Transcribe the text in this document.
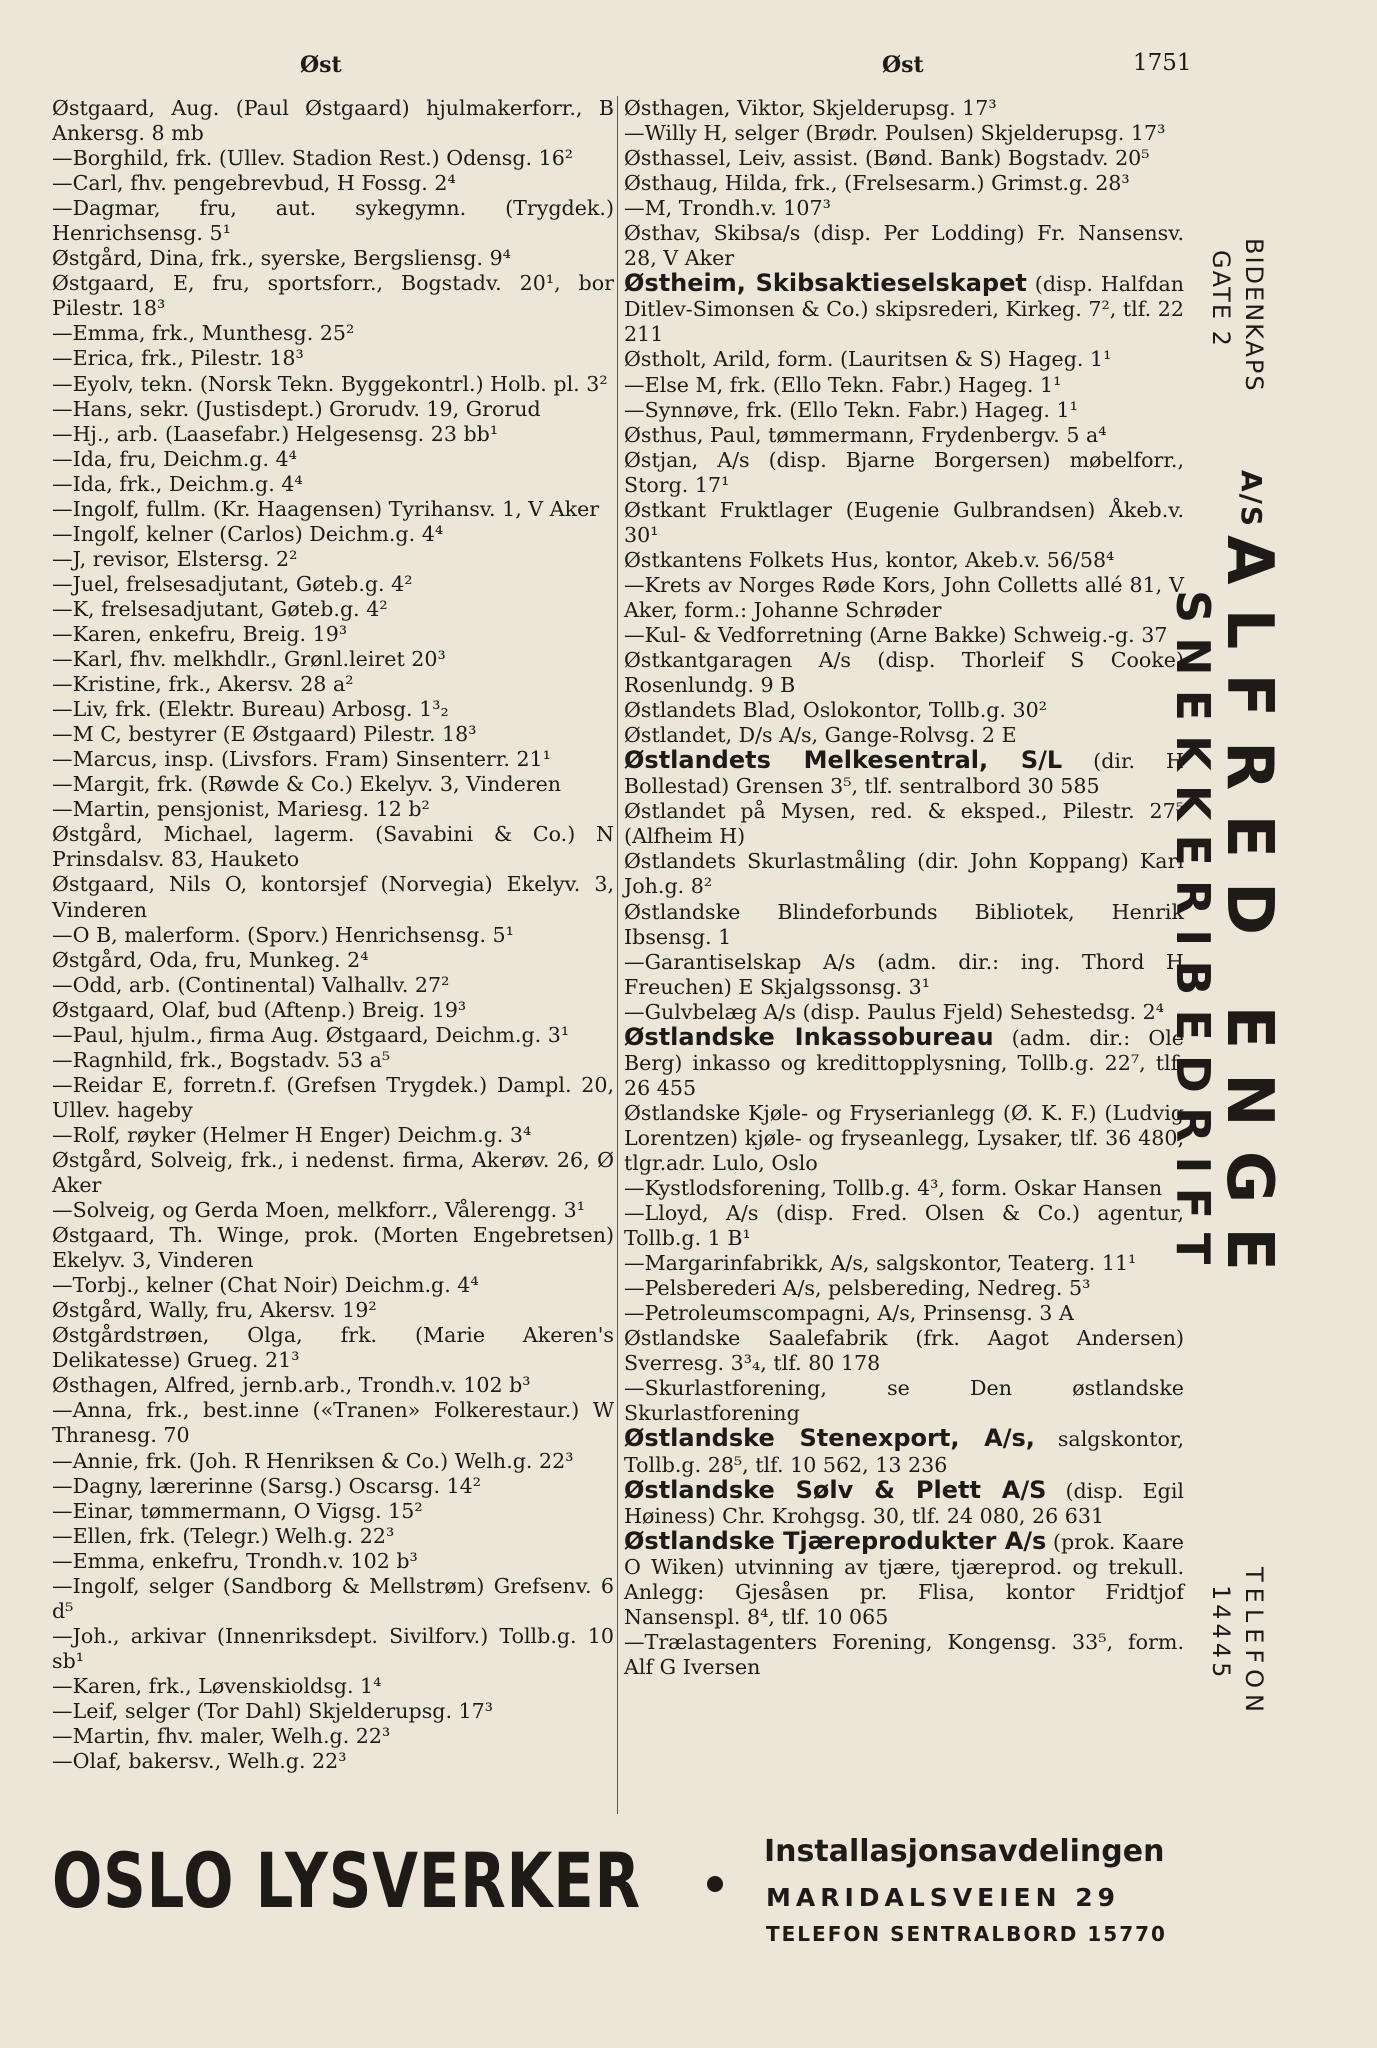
Øst	Øst	1751

Østgaard, Aug. (Paul Østgaard) hjulmakerforr., B Ankersg. 8 mb

—Borghild, frk. (Ullev. Stadion Rest.) Odensg. 16²

—Carl, fhv. pengebrevbud, H Fossg. 2⁴

—Dagmar, fru, aut. sykegymn. (Trygdek.) Henrichsensg. 5¹

Østgård, Dina, frk., syerske, Bergsliensg. 9⁴

Østgaard, E, fru, sportsforr., Bogstadv. 20¹, bor Pilestr. 18³

—Emma, frk., Munthesg. 25²

—Erica, frk., Pilestr. 18³

—Eyolv, tekn. (Norsk Tekn. Byggekontrl.) Holb. pl. 3²

—Hans, sekr. (Justisdept.) Grorudv. 19, Grorud

—Hj., arb. (Laasefabr.) Helgesensg. 23 bb¹

—Ida, fru, Deichm.g. 4⁴

—Ida, frk., Deichm.g. 4⁴

—Ingolf, fullm. (Kr. Haagensen) Tyrihansv. 1, V Aker

—Ingolf, kelner (Carlos) Deichm.g. 4⁴

—J, revisor, Elstersg. 2²

—Juel, frelsesadjutant, Gøteb.g. 4²

—K, frelsesadjutant, Gøteb.g. 4²

—Karen, enkefru, Breig. 19³

—Karl, fhv. melkhdlr., Grønl.leiret 20³

—Kristine, frk., Akersv. 28 a²

—Liv, frk. (Elektr. Bureau) Arbosg. 1³₂

—M C, bestyrer (E Østgaard) Pilestr. 18³

—Marcus, insp. (Livsfors. Fram) Sinsenterr. 21¹

—Margit, frk. (Røwde & Co.) Ekelyv. 3, Vinderen

—Martin, pensjonist, Mariesg. 12 b²

Østgård, Michael, lagerm. (Savabini & Co.) N Prinsdalsv. 83, Hauketo

Østgaard, Nils O, kontorsjef (Norvegia) Ekelyv. 3, Vinderen

—O B, malerform. (Sporv.) Henrichsensg. 5¹

Østgård, Oda, fru, Munkeg. 2⁴

—Odd, arb. (Continental) Valhallv. 27²

Østgaard, Olaf, bud (Aftenp.) Breig. 19³

—Paul, hjulm., firma Aug. Østgaard, Deichm.g. 3¹

—Ragnhild, frk., Bogstadv. 53 a⁵

—Reidar E, forretn.f. (Grefsen Trygdek.) Dampl. 20, Ullev. hageby

—Rolf, røyker (Helmer H Enger) Deichm.g. 3⁴

Østgård, Solveig, frk., i nedenst. firma, Akerøv. 26, Ø Aker

—Solveig, og Gerda Moen, melkforr., Vålerengg. 3¹

Østgaard, Th. Winge, prok. (Morten Engebretsen) Ekelyv. 3, Vinderen

—Torbj., kelner (Chat Noir) Deichm.g. 4⁴

Østgård, Wally, fru, Akersv. 19²

Østgårdstrøen, Olga, frk. (Marie Akeren's Delikatesse) Grueg. 21³

Østhagen, Alfred, jernb.arb., Trondh.v. 102 b³

—Anna, frk., best.inne («Tranen» Folkerestaur.) W Thranesg. 70

—Annie, frk. (Joh. R Henriksen & Co.) Welh.g. 22³

—Dagny, lærerinne (Sarsg.) Oscarsg. 14²

—Einar, tømmermann, O Vigsg. 15²

—Ellen, frk. (Telegr.) Welh.g. 22³

—Emma, enkefru, Trondh.v. 102 b³

—Ingolf, selger (Sandborg & Mellstrøm) Grefsenv. 6 d⁵

—Joh., arkivar (Innenriksdept. Sivilforv.) Tollb.g. 10 sb¹

—Karen, frk., Løvenskioldsg. 1⁴

—Leif, selger (Tor Dahl) Skjelderupsg. 17³

—Martin, fhv. maler, Welh.g. 22³

—Olaf, bakersv., Welh.g. 22³

Østhagen, Viktor, Skjelderupsg. 17³

—Willy H, selger (Brødr. Poulsen) Skjelderupsg. 17³

Østhassel, Leiv, assist. (Bønd. Bank) Bogstadv. 20⁵

Østhaug, Hilda, frk., (Frelsesarm.) Grimst.g. 28³

—M, Trondh.v. 107³

Østhav, Skibsa/s (disp. Per Lodding) Fr. Nansensv. 28, V Aker

Østheim, Skibsaktieselskapet (disp. Halfdan Ditlev-Simonsen & Co.) skipsrederi, Kirkeg. 7², tlf. 22 211

Østholt, Arild, form. (Lauritsen & S) Hageg. 1¹

—Else M, frk. (Ello Tekn. Fabr.) Hageg. 1¹

—Synnøve, frk. (Ello Tekn. Fabr.) Hageg. 1¹

Østhus, Paul, tømmermann, Frydenbergv. 5 a⁴

Østjan, A/s (disp. Bjarne Borgersen) møbelforr., Storg. 17¹

Østkant Fruktlager (Eugenie Gulbrandsen) Åkeb.v. 30¹

Østkantens Folkets Hus, kontor, Akeb.v. 56/58⁴

—Krets av Norges Røde Kors, John Colletts allé 81, V Aker, form.: Johanne Schrøder

—Kul- & Vedforretning (Arne Bakke) Schweig.-g. 37

Østkantgaragen A/s (disp. Thorleif S Cooke) Rosenlundg. 9 B

Østlandets Blad, Oslokontor, Tollb.g. 30²

Østlandet, D/s A/s, Gange-Rolvsg. 2 E

Østlandets Melkesentral, S/L (dir. H Bollestad) Grensen 3⁵, tlf. sentralbord 30 585

Østlandet på Mysen, red. & eksped., Pilestr. 27⁵ (Alfheim H)

Østlandets Skurlastmåling (dir. John Koppang) Karl Joh.g. 8²

Østlandske Blindeforbunds Bibliotek, Henrik Ibsensg. 1

—Garantiselskap A/s (adm. dir.: ing. Thord H Freuchen) E Skjalgssonsg. 3¹

—Gulvbelæg A/s (disp. Paulus Fjeld) Sehestedsg. 2⁴

Østlandske Inkassobureau (adm. dir.: Ole Berg) inkasso og kredittopplysning, Tollb.g. 22⁷, tlf. 26 455

Østlandske Kjøle- og Fryserianlegg (Ø. K. F.) (Ludvig Lorentzen) kjøle- og fryseanlegg, Lysaker, tlf. 36 480, tlgr.adr. Lulo, Oslo

—Kystlodsforening, Tollb.g. 4³, form. Oskar Hansen

—Lloyd, A/s (disp. Fred. Olsen & Co.) agentur, Tollb.g. 1 B¹

—Margarinfabrikk, A/s, salgskontor, Teaterg. 11¹

—Pelsberederi A/s, pelsbereding, Nedreg. 5³

—Petroleumscompagni, A/s, Prinsensg. 3 A

Østlandske Saalefabrik (frk. Aagot Andersen) Sverresg. 3³₄, tlf. 80 178

—Skurlastforening, se Den østlandske Skurlastforening

Østlandske Stenexport, A/s, salgskontor, Tollb.g. 28⁵, tlf. 10 562, 13 236

Østlandske Sølv & Plett A/S (disp. Egil Høiness) Chr. Krohgsg. 30, tlf. 24 080, 26 631

Østlandske Tjæreprodukter A/s (prok. Kaare O Wiken) utvinning av tjære, tjæreprod. og trekull. Anlegg: Gjesåsen pr. Flisa, kontor Fridtjof Nansenspl. 8⁴, tlf. 10 065

—Trælastagenters Forening, Kongensg. 33⁵, form. Alf G Iversen

BIDENKAPS
GATE 2
ALFRED ENGE
SNEKKERIBEDRIFT
A/S
TELEFON
14445
OSLO LYSVERKER	Installasjonsavdelingen
MARIDALSVEIEN 29
TELEFON SENTRALBORD 15770
